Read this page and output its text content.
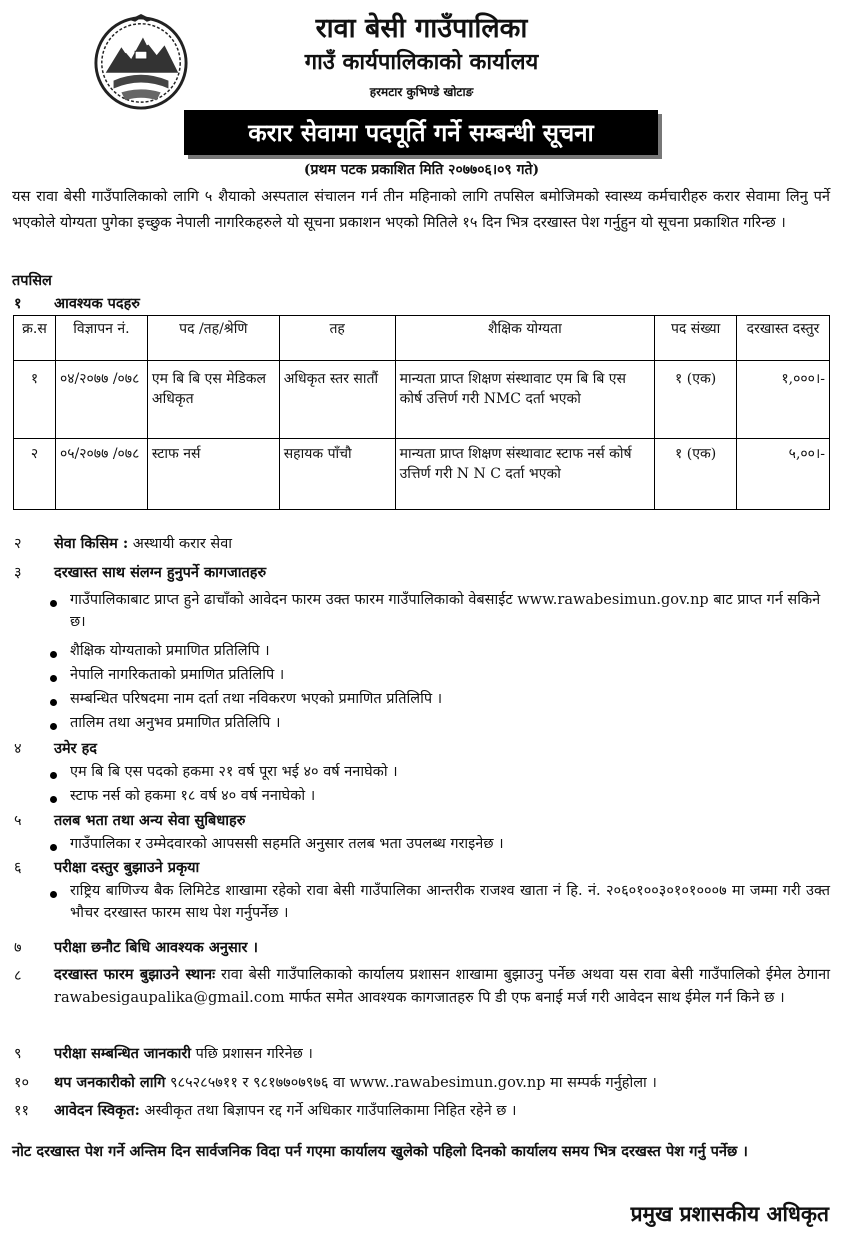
रावा बेसी गाउँपालिका
गाउँ कार्यपालिकाको कार्यालय
हरमटार कुभिण्डे खोटाङ
करार सेवामा पदपूर्ति गर्ने सम्बन्धी सूचना
(प्रथम पटक प्रकाशित मिति २०७७०६।०९ गते)
यस रावा बेसी गाउँपालिकाको लागि ५ शैयाको अस्पताल संचालन गर्न तीन महिनाको लागि तपसिल बमोजिमको स्वास्थ्य कर्मचारीहरु करार सेवामा लिनु पर्ने भएकोले योग्यता पुगेका इच्छुक नेपाली नागरिकहरुले यो सूचना प्रकाशन भएको मितिले १५ दिन भित्र दरखास्त पेश गर्नुहुन यो सूचना प्रकाशित गरिन्छ ।
तपसिल
१ आवश्यक पदहरु
क्र.स	विज्ञापन नं.	पद /तह/श्रेणि	तह	शैक्षिक योग्यता	पद संख्या	दरखास्त दस्तुर
१	०४/२०७७ /०७८	एम बि बि एस मेडिकल अधिकृत	अधिकृत स्तर सातौं	मान्यता प्राप्त शिक्षण संस्थावाट एम बि बि एस कोर्ष उत्तिर्ण गरी NMC दर्ता भएको	१ (एक)	१,०००।-
२	०५/२०७७ /०७८	स्टाफ नर्स	सहायक पाँचौ	मान्यता प्राप्त शिक्षण संस्थावाट स्टाफ नर्स कोर्ष उत्तिर्ण गरी N N C दर्ता भएको	१ (एक)	५,००।-
२ सेवा किसिम : अस्थायी करार सेवा
३ दरखास्त साथ संलग्न हुनुपर्ने कागजातहरु
गाउँपालिकाबाट प्राप्त हुने ढाचाँको आवेदन फारम उक्त फारम गाउँपालिकाको वेबसाईट www.rawabesimun.gov.np बाट प्राप्त गर्न सकिने छ।
शैक्षिक योग्यताको प्रमाणित प्रतिलिपि ।
नेपालि नागरिकताको प्रमाणित प्रतिलिपि ।
सम्बन्धित परिषदमा नाम दर्ता तथा नविकरण भएको प्रमाणित प्रतिलिपि ।
तालिम तथा अनुभव प्रमाणित प्रतिलिपि ।
४ उमेर हद
एम बि बि एस पदको हकमा २१ वर्ष पूरा भई ४० वर्ष ननाघेको ।
स्टाफ नर्स को हकमा १८ वर्ष ४० वर्ष ननाघेको ।
५ तलब भता तथा अन्य सेवा सुबिधाहरु
गाउँपालिका र उम्मेदवारको आपससी सहमति अनुसार तलब भता उपलब्ध गराइनेछ ।
६ परीक्षा दस्तुर बुझाउने प्रकृया
राष्ट्रिय बाणिज्य बैक लिमिटेड शाखामा रहेको रावा बेसी गाउँपालिका आन्तरीक राजश्व खाता नं हि. नं. २०६०१००३०१०१०००७ मा जम्मा गरी उक्त भौचर दरखास्त फारम साथ पेश गर्नुपर्नेछ ।
७ परीक्षा छनौट बिधि आवश्यक अनुसार ।
८ दरखास्त फारम बुझाउने स्थानः रावा बेसी गाउँपालिकाको कार्यालय प्रशासन शाखामा बुझाउनु पर्नेछ अथवा यस रावा बेसी गाउँपालिको ईमेल ठेगाना rawabesigaupalika@gmail.com मार्फत समेत आवश्यक कागजातहरु पि डी एफ बनाई मर्ज गरी आवेदन साथ ईमेल गर्न किने छ ।
९ परीक्षा सम्बन्धित जानकारी पछि प्रशासन गरिनेछ ।
१० थप जनकारीको लागि ९८५२८५७११ र ९८१७७०७९७६ वा www..rawabesimun.gov.np मा सम्पर्क गर्नुहोला ।
११ आवेदन स्विकृत: अस्वीकृत तथा बिज्ञापन रद्द गर्ने अधिकार गाउँपालिकामा निहित रहेने छ ।
नोट दरखास्त पेश गर्ने अन्तिम दिन सार्वजनिक विदा पर्न गएमा कार्यालय खुलेको पहिलो दिनको कार्यालय समय भित्र दरखस्त पेश गर्नु पर्नेछ ।
प्रमुख प्रशासकीय अधिकृत
